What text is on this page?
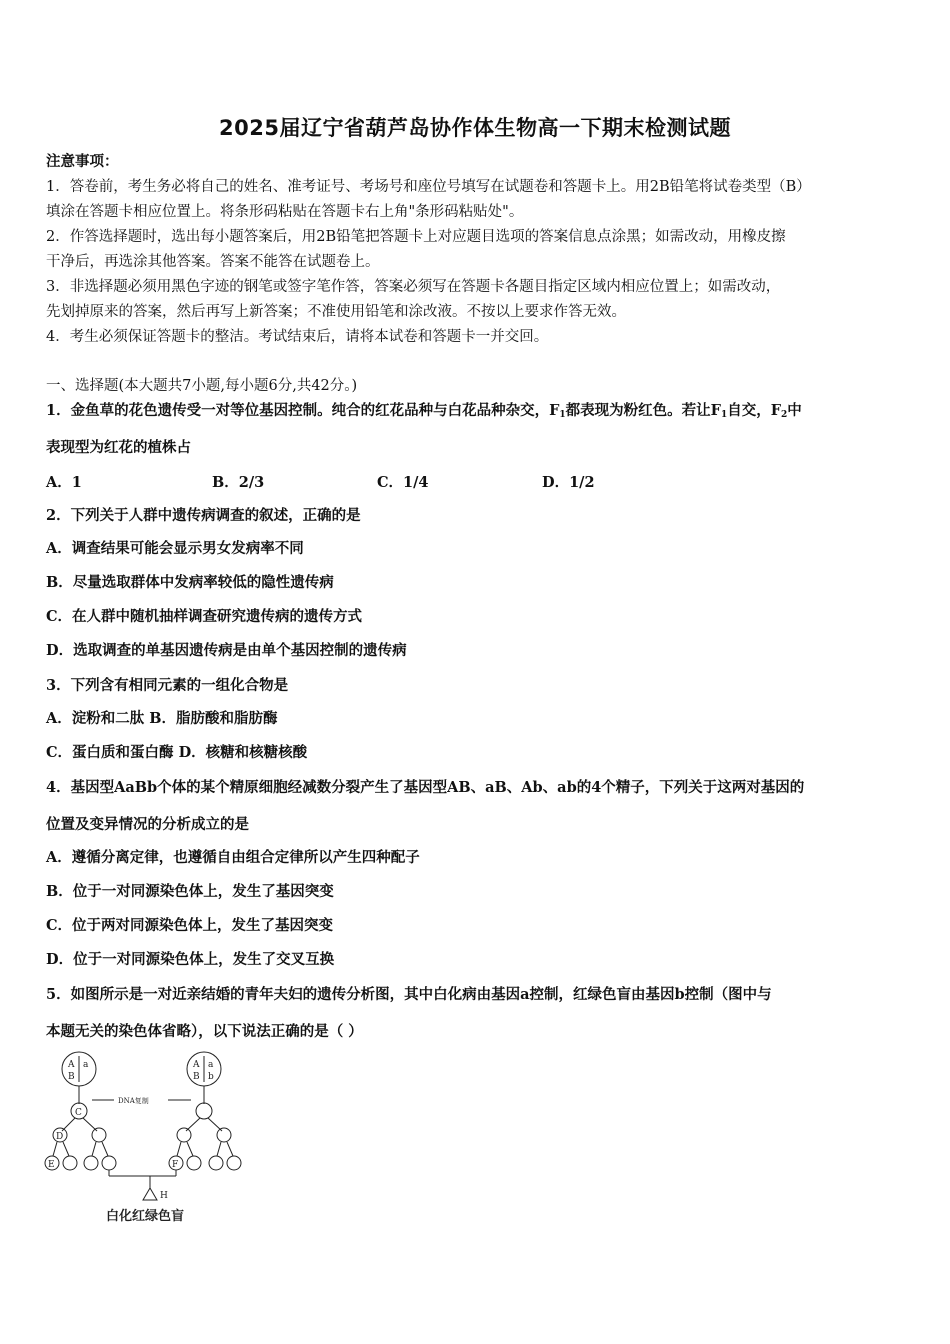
2025届辽宁省葫芦岛协作体生物高一下期末检测试题
注意事项：
1．答卷前，考生务必将自己的姓名、准考证号、考场号和座位号填写在试题卷和答题卡上。用2B铅笔将试卷类型（B）
填涂在答题卡相应位置上。将条形码粘贴在答题卡右上角"条形码粘贴处"。
2．作答选择题时，选出每小题答案后，用2B铅笔把答题卡上对应题目选项的答案信息点涂黑；如需改动，用橡皮擦
干净后，再选涂其他答案。答案不能答在试题卷上。
3．非选择题必须用黑色字迹的钢笔或签字笔作答，答案必须写在答题卡各题目指定区域内相应位置上；如需改动，
先划掉原来的答案，然后再写上新答案；不准使用铅笔和涂改液。不按以上要求作答无效。
4．考生必须保证答题卡的整洁。考试结束后，请将本试卷和答题卡一并交回。
一、选择题(本大题共7小题,每小题6分,共42分。)
1．金鱼草的花色遗传受一对等位基因控制。纯合的红花品种与白花品种杂交，$F_1$都表现为粉红色。若让$F_1$自交，$F_2$中
表现型为红花的植株占
A．1	B．2/3	C．1/4	D．1/2
2．下列关于人群中遗传病调查的叙述，正确的是
A．调查结果可能会显示男女发病率不同
B．尽量选取群体中发病率较低的隐性遗传病
C．在人群中随机抽样调查研究遗传病的遗传方式
D．选取调查的单基因遗传病是由单个基因控制的遗传病
3．下列含有相同元素的一组化合物是
A．淀粉和二肽 B．脂肪酸和脂肪酶
C．蛋白质和蛋白酶 D．核糖和核糖核酸
4．基因型AaBb个体的某个精原细胞经减数分裂产生了基因型AB、aB、Ab、ab的4个精子，下列关于这两对基因的
位置及变异情况的分析成立的是
A．遵循分离定律，也遵循自由组合定律所以产生四种配子
B．位于一对同源染色体上，发生了基因突变
C．位于两对同源染色体上，发生了基因突变
D．位于一对同源染色体上，发生了交叉互换
5．如图所示是一对近亲结婚的青年夫妇的遗传分析图，其中白化病由基因a控制，红绿色盲由基因b控制（图中与
本题无关的染色体省略），以下说法正确的是（ ）
A a
B
A a
B b
DNA复制
C
D
E	F
H
白化红绿色盲
